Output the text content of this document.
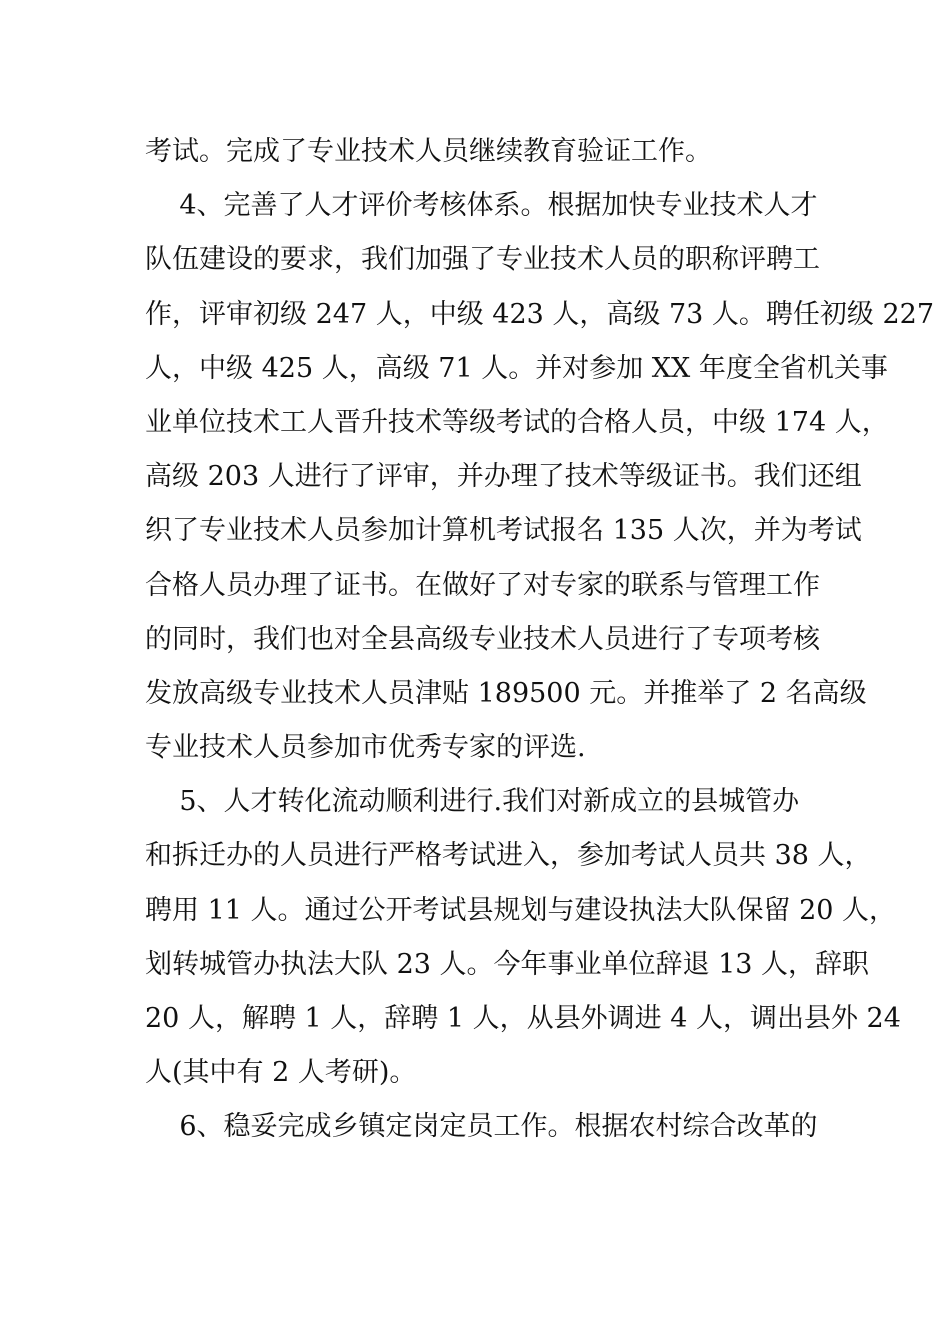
考试。完成了专业技术人员继续教育验证工作。
4、完善了人才评价考核体系。根据加快专业技术人才
队伍建设的要求，我们加强了专业技术人员的职称评聘工
作，评审初级 247 人，中级 423 人，高级 73 人。聘任初级 227
人，中级 425 人，高级 71 人。并对参加 XX 年度全省机关事
业单位技术工人晋升技术等级考试的合格人员，中级 174 人，
高级 203 人进行了评审，并办理了技术等级证书。我们还组
织了专业技术人员参加计算机考试报名 135 人次，并为考试
合格人员办理了证书。在做好了对专家的联系与管理工作
的同时，我们也对全县高级专业技术人员进行了专项考核
发放高级专业技术人员津贴 189500 元。并推举了 2 名高级
专业技术人员参加市优秀专家的评选.
5、人才转化流动顺利进行.我们对新成立的县城管办
和拆迁办的人员进行严格考试进入，参加考试人员共 38 人，
聘用 11 人。通过公开考试县规划与建设执法大队保留 20 人，
划转城管办执法大队 23 人。今年事业单位辞退 13 人，辞职
20 人，解聘 1 人，辞聘 1 人，从县外调进 4 人，调出县外 24
人(其中有 2 人考研)。
6、稳妥完成乡镇定岗定员工作。根据农村综合改革的
